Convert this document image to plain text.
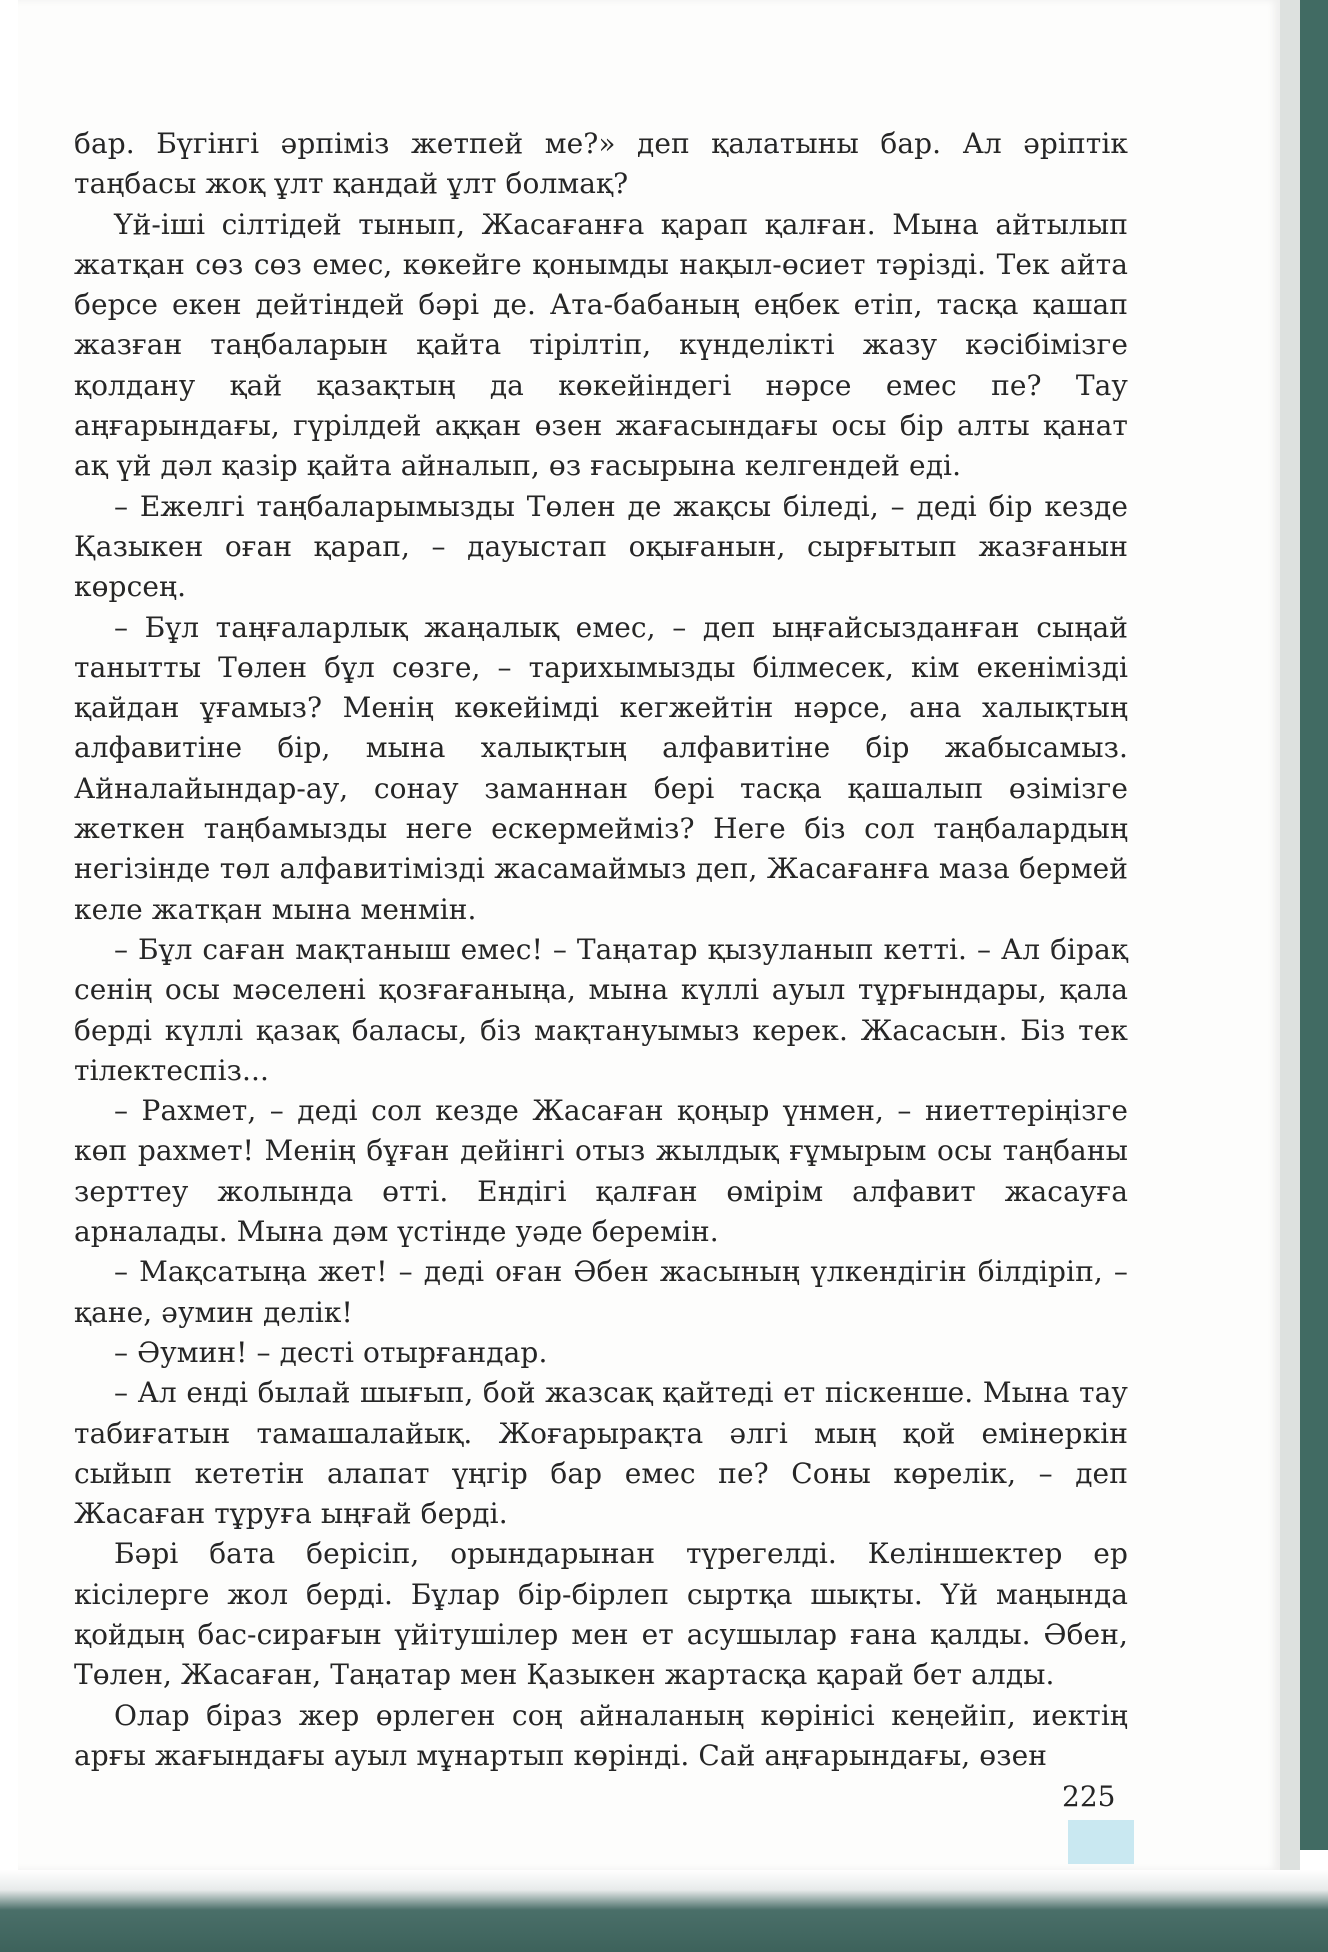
бар. Бүгінгі әрпіміз жетпей ме?» деп қалатыны бар. Ал әріптік таңбасы жоқ ұлт қандай ұлт болмақ?

Үй-іші сілтідей тынып, Жасағанға қарап қалған. Мына айтылып жатқан сөз сөз емес, көкейге қонымды нақыл-өсиет тәрізді. Тек айта берсе екен дейтіндей бәрі де. Ата-бабаның еңбек етіп, тасқа қашап жазған таңбаларын қайта тірілтіп, күнделікті жазу кәсібімізге қолдану қай қазақтың да көкейіндегі нәрсе емес пе? Тау аңғарындағы, гүрілдей аққан өзен жағасындағы осы бір алты қанат ақ үй дәл қазір қайта айналып, өз ғасырына келгендей еді.

– Ежелгі таңбаларымызды Төлен де жақсы біледі, – деді бір кезде Қазыкен оған қарап, – дауыстап оқығанын, сырғытып жазғанын көрсең.

– Бұл таңғаларлық жаңалық емес, – деп ыңғайсызданған сыңай танытты Төлен бұл сөзге, – тарихымызды білмесек, кім екенімізді қайдан ұғамыз? Менің көкейімді кегжейтін нәрсе, ана халықтың алфавитіне бір, мына халықтың алфавитіне бір жабысамыз. Айналайындар-ау, сонау заманнан бері тасқа қашалып өзімізге жеткен таңбамызды неге ескермейміз? Неге біз сол таңбалардың негізінде төл алфавитімізді жасамаймыз деп, Жасағанға маза бермей келе жатқан мына менмін.

– Бұл саған мақтаныш емес! – Таңатар қызуланып кетті. – Ал бірақ сенің осы мәселені қозғағаныңа, мына күллі ауыл тұрғындары, қала берді күллі қазақ баласы, біз мақтануымыз керек. Жасасын. Біз тек тілектеспіз...

– Рахмет, – деді сол кезде Жасаған қоңыр үнмен, – ниеттеріңізге көп рахмет! Менің бұған дейінгі отыз жылдық ғұмырым осы таңбаны зерттеу жолында өтті. Ендігі қалған өмірім алфавит жасауға арналады. Мына дәм үстінде уәде беремін.

– Мақсатыңа жет! – деді оған Әбен жасының үлкендігін білдіріп, – қане, әумин делік!

– Әумин! – десті отырғандар.

– Ал енді былай шығып, бой жазсақ қайтеді ет піскенше. Мына тау табиғатын тамашалайық. Жоғарырақта әлгі мың қой емінеркін сыйып кететін алапат үңгір бар емес пе? Соны көрелік, – деп Жасаған тұруға ыңғай берді.

Бәрі бата берісіп, орындарынан түрегелді. Келіншектер ер кісілерге жол берді. Бұлар бір-бірлеп сыртқа шықты. Үй маңында қойдың бас-сирағын үйітушілер мен ет асушылар ғана қалды. Әбен, Төлен, Жасаған, Таңатар мен Қазыкен жартасқа қарай бет алды.

Олар біраз жер өрлеген соң айналаның көрінісі кеңейіп, иектің арғы жағындағы ауыл мұнартып көрінді. Сай аңғарындағы, өзен

225
